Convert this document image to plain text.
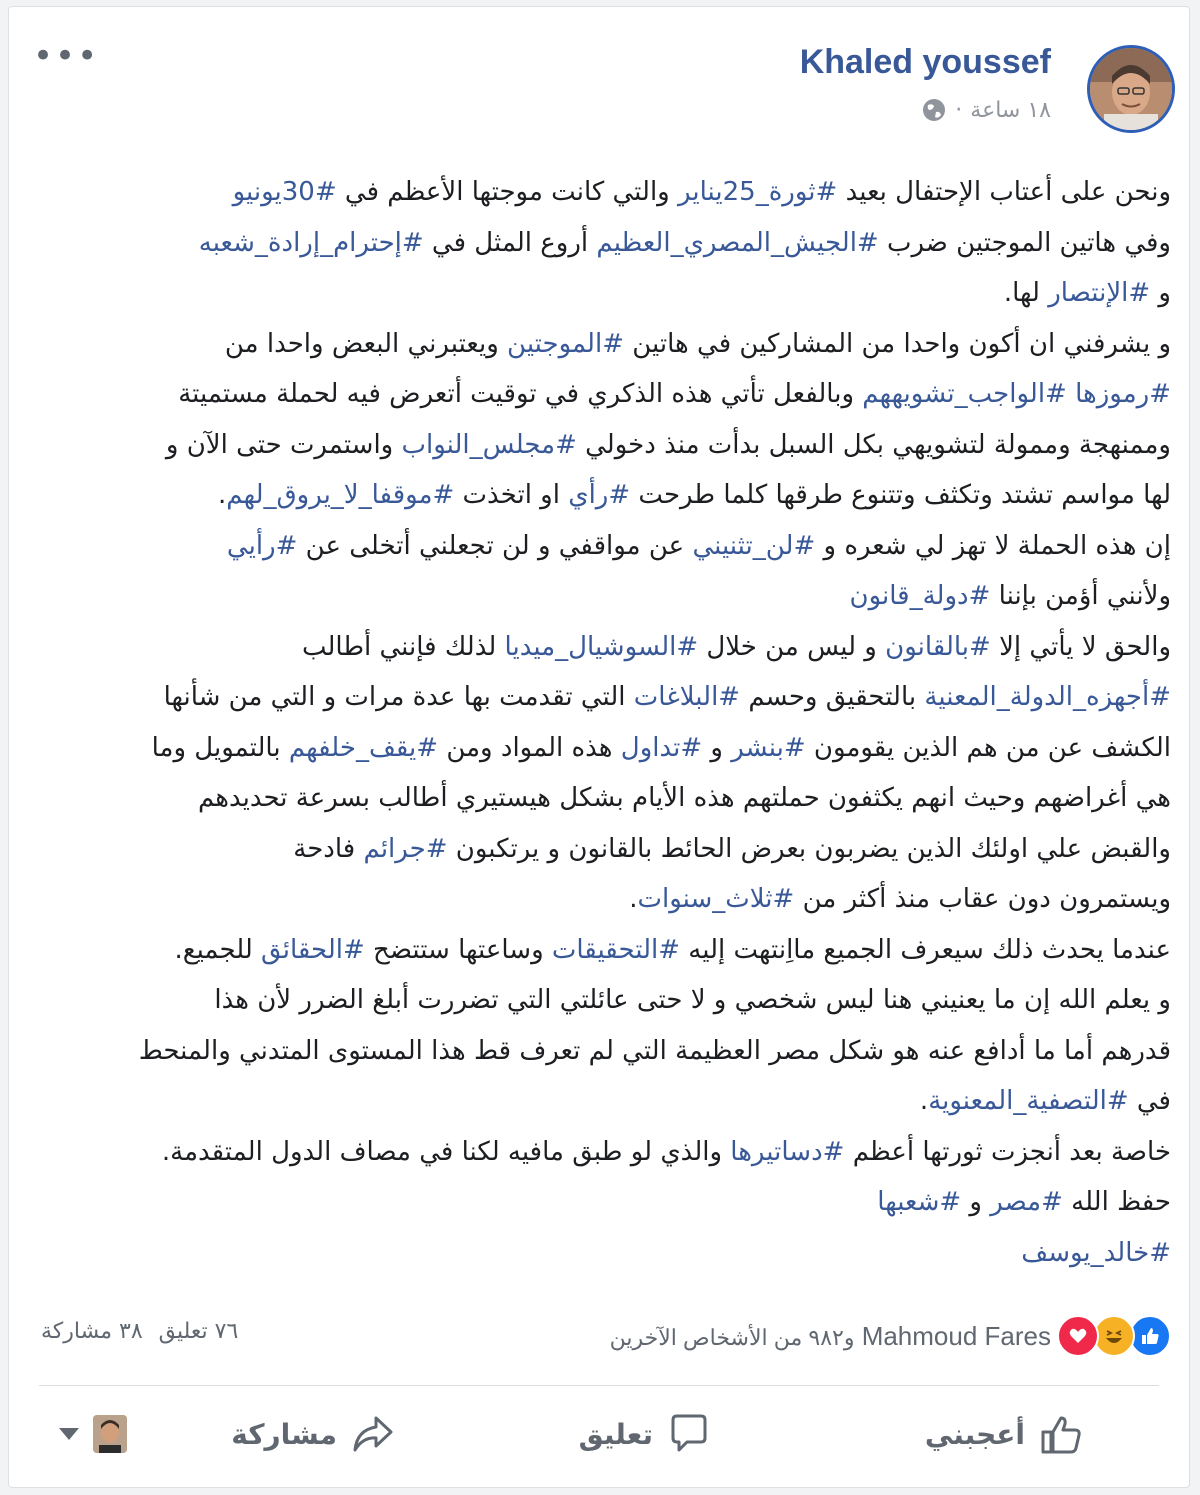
•••	Khaled youssef
١٨ ساعة
·

ونحن على أعتاب الإحتفال بعيد #ثورة_25يناير والتي كانت موجتها الأعظم في #30يونيو

وفي هاتين الموجتين ضرب #الجيش_المصري_العظيم أروع المثل في #إحترام_إرادة_شعبه

و #الإنتصار لها.

و يشرفني ان أكون واحدا من المشاركين في هاتين #الموجتين ويعتبرني البعض واحدا من

#رموزها #الواجب_تشويههم وبالفعل تأتي هذه الذكري في توقيت أتعرض فيه لحملة مستميتة

وممنهجة وممولة لتشويهي بكل السبل بدأت منذ دخولي #مجلس_النواب واستمرت حتى الآن و

لها مواسم تشتد وتكثف وتتنوع طرقها كلما طرحت #رأي او اتخذت #موقفا_لا_يروق_لهم.

إن هذه الحملة لا تهز لي شعره و #لن_تثنيني عن مواقفي و لن تجعلني أتخلى عن #رأيي

ولأنني أؤمن بإننا #دولة_قانون

والحق لا يأتي إلا #بالقانون و ليس من خلال #السوشيال_ميديا لذلك فإنني أطالب

#أجهزه_الدولة_المعنية بالتحقيق وحسم #البلاغات التي تقدمت بها عدة مرات و التي من شأنها

الكشف عن من هم الذين يقومون #بنشر و #تداول هذه المواد ومن #يقف_خلفهم بالتمويل وما

هي أغراضهم وحيث انهم يكثفون حملتهم هذه الأيام بشكل هيستيري أطالب بسرعة تحديدهم

والقبض علي اولئك الذين يضربون بعرض الحائط بالقانون و يرتكبون #جرائم فادحة

ويستمرون دون عقاب منذ أكثر من #ثلاث_سنوات.

عندما يحدث ذلك سيعرف الجميع مااِنتهت إليه #التحقيقات وساعتها ستتضح #الحقائق للجميع.

و يعلم الله إن ما يعنيني هنا ليس شخصي و لا حتى عائلتي التي تضررت أبلغ الضرر لأن هذا

قدرهم أما ما أدافع عنه هو شكل مصر العظيمة التي لم تعرف قط هذا المستوى المتدني والمنحط

في #التصفية_المعنوية.

خاصة بعد أنجزت ثورتها أعظم #دساتيرها والذي لو طبق مافيه لكنا في مصاف الدول المتقدمة.

حفظ الله #مصر و #شعبها

#خالد_يوسف

Mahmoud Fares و٩٨٢ من الأشخاص الآخرين
٧٦ تعليق
٣٨ مشاركة
أعجبني
تعليق
مشاركة
